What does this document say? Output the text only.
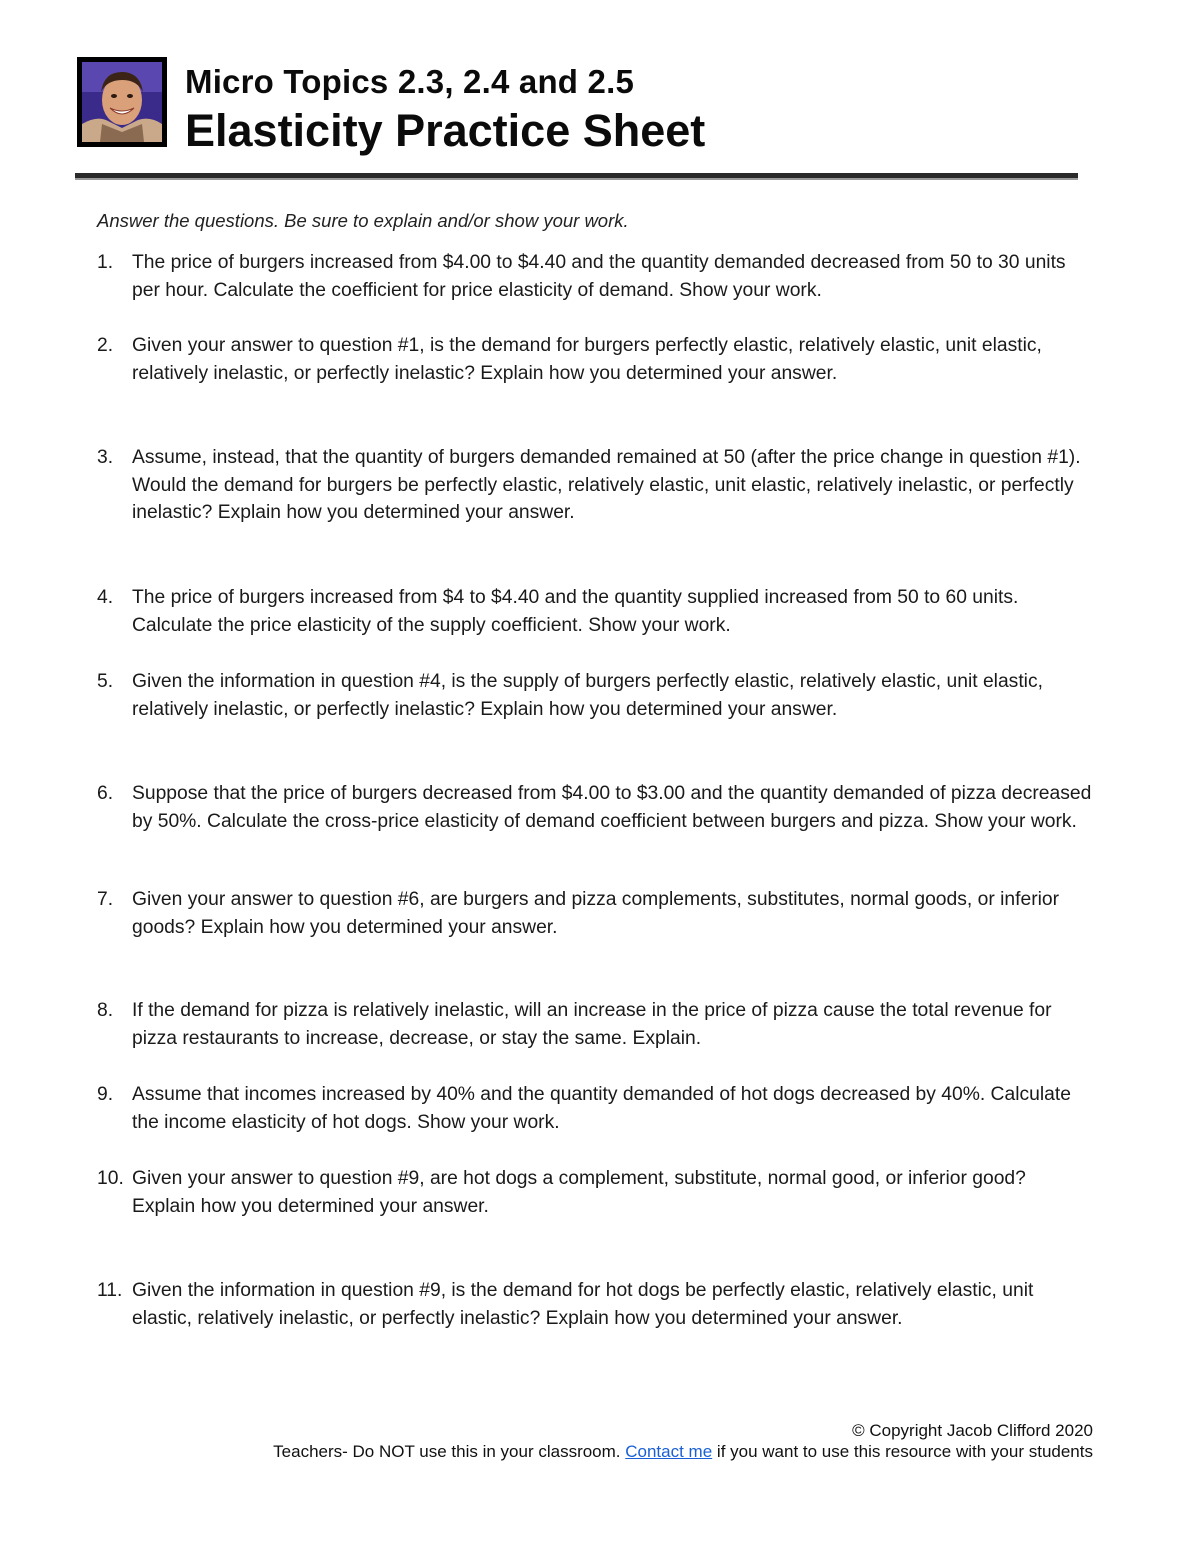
Micro Topics 2.3, 2.4 and 2.5
Elasticity Practice Sheet
Answer the questions. Be sure to explain and/or show your work.
1. The price of burgers increased from $4.00 to $4.40 and the quantity demanded decreased from 50 to 30 units per hour. Calculate the coefficient for price elasticity of demand. Show your work.
2. Given your answer to question #1, is the demand for burgers perfectly elastic, relatively elastic, unit elastic, relatively inelastic, or perfectly inelastic? Explain how you determined your answer.
3. Assume, instead, that the quantity of burgers demanded remained at 50 (after the price change in question #1). Would the demand for burgers be perfectly elastic, relatively elastic, unit elastic, relatively inelastic, or perfectly inelastic? Explain how you determined your answer.
4. The price of burgers increased from $4 to $4.40 and the quantity supplied increased from 50 to 60 units. Calculate the price elasticity of the supply coefficient. Show your work.
5. Given the information in question #4, is the supply of burgers perfectly elastic, relatively elastic, unit elastic, relatively inelastic, or perfectly inelastic? Explain how you determined your answer.
6. Suppose that the price of burgers decreased from $4.00 to $3.00 and the quantity demanded of pizza decreased by 50%. Calculate the cross-price elasticity of demand coefficient between burgers and pizza. Show your work.
7. Given your answer to question #6, are burgers and pizza complements, substitutes, normal goods, or inferior goods? Explain how you determined your answer.
8. If the demand for pizza is relatively inelastic, will an increase in the price of pizza cause the total revenue for pizza restaurants to increase, decrease, or stay the same. Explain.
9. Assume that incomes increased by 40% and the quantity demanded of hot dogs decreased by 40%. Calculate the income elasticity of hot dogs. Show your work.
10. Given your answer to question #9, are hot dogs a complement, substitute, normal good, or inferior good? Explain how you determined your answer.
11. Given the information in question #9, is the demand for hot dogs be perfectly elastic, relatively elastic, unit elastic, relatively inelastic, or perfectly inelastic? Explain how you determined your answer.
© Copyright Jacob Clifford 2020
Teachers- Do NOT use this in your classroom. Contact me if you want to use this resource with your students
